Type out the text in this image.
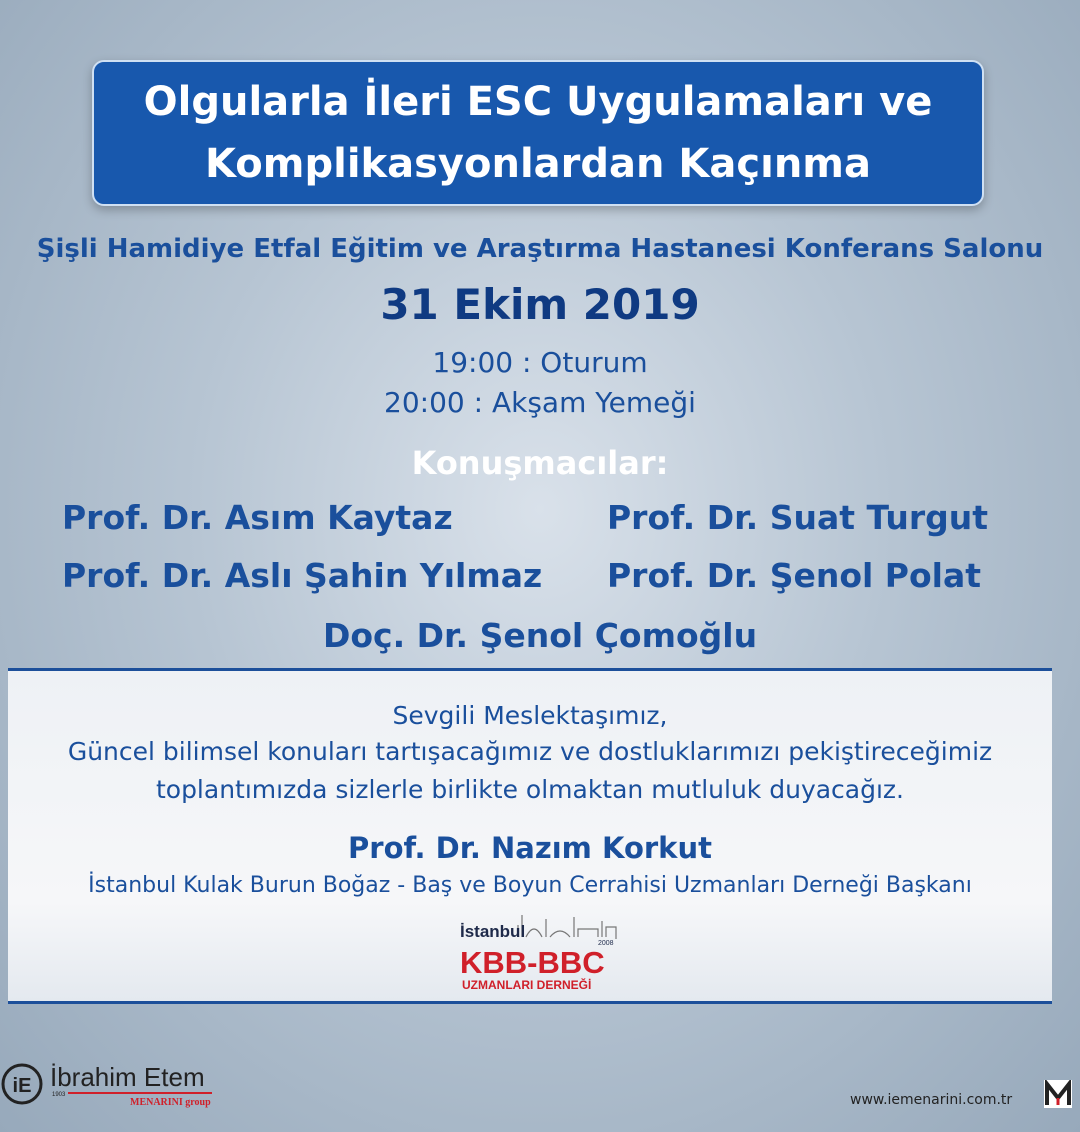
Olgularla İleri ESC Uygulamaları ve
Komplikasyonlardan Kaçınma
Şişli Hamidiye Etfal Eğitim ve Araştırma Hastanesi Konferans Salonu
31 Ekim 2019
19:00 : Oturum
20:00 : Akşam Yemeği
Konuşmacılar:
Prof. Dr. Asım Kaytaz	Prof. Dr. Suat Turgut
Prof. Dr. Aslı Şahin Yılmaz Prof. Dr. Şenol Polat
Doç. Dr. Şenol Çomoğlu
Sevgili Meslektaşımız,
Güncel bilimsel konuları tartışacağımız ve dostluklarımızı pekiştireceğimiz
toplantımızda sizlerle birlikte olmaktan mutluluk duyacağız.
Prof. Dr. Nazım Korkut
İstanbul Kulak Burun Boğaz - Baş ve Boyun Cerrahisi Uzmanları Derneği Başkanı
İstanbul
2008
KBB-BBC
UZMANLARI DERNEĞİ
iE İbrahim Etem
1903
MENARINI group	www.iemenarini.com.tr
